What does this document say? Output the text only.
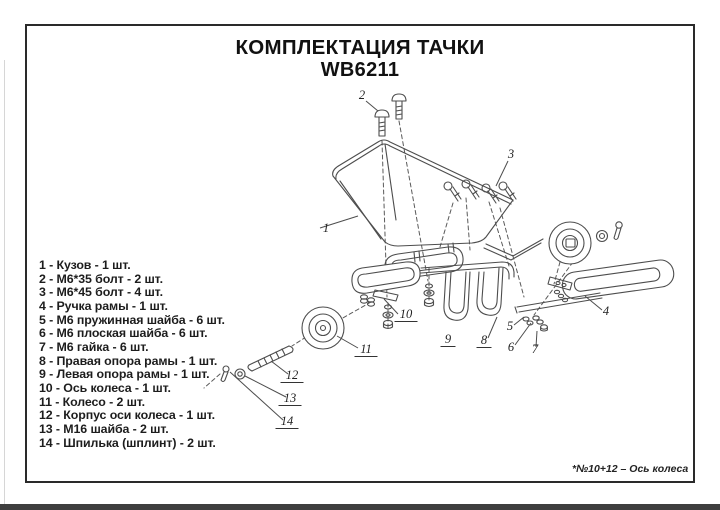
КОМПЛЕКТАЦИЯ ТАЧКИ
WB6211
1 - Кузов - 1 шт.
2 - М6*35 болт - 2 шт.
3 - М6*45 болт - 4 шт.
4 - Ручка рамы - 1 шт.
5 - М6 пружинная шайба - 6 шт.
6 - М6 плоская шайба - 6 шт.
7 - М6 гайка - 6 шт.
8 - Правая опора рамы - 1 шт.
9 - Левая опора рамы - 1 шт.
10 - Ось колеса - 1 шт.
11 - Колесо - 2 шт.
12 - Корпус оси колеса - 1 шт.
13 - М16 шайба - 2 шт.
14 - Шпилька (шплинт) - 2 шт.
*№10+12 – Ось колеса
1
2
3
4
5
6 7
8
9
10
11
12
13
14
